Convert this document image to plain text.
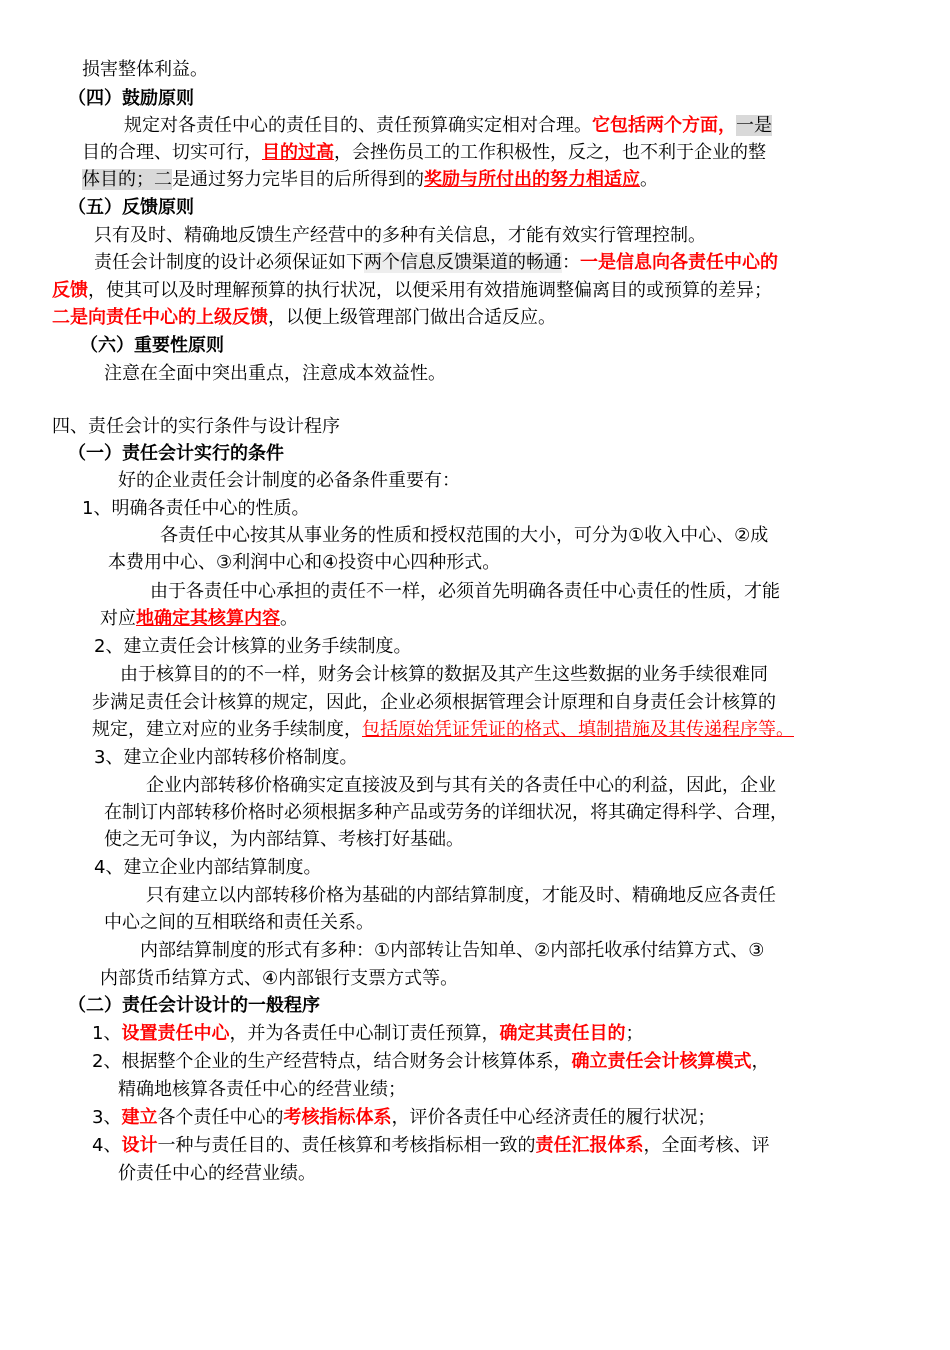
损害整体利益。
（四）鼓励原则
规定对各责任中心的责任目的、责任预算确实定相对合理。它包括两个方面，一是
目的合理、切实可行，目的过高，会挫伤员工的工作积极性，反之，也不利于企业的整
体目的；二是通过努力完毕目的后所得到的奖励与所付出的努力相适应。
（五）反馈原则
只有及时、精确地反馈生产经营中的多种有关信息，才能有效实行管理控制。
责任会计制度的设计必须保证如下两个信息反馈渠道的畅通：一是信息向各责任中心的
反馈，使其可以及时理解预算的执行状况，以便采用有效措施调整偏离目的或预算的差异；
二是向责任中心的上级反馈，以便上级管理部门做出合适反应。
（六）重要性原则
注意在全面中突出重点，注意成本效益性。
四、责任会计的实行条件与设计程序
（一）责任会计实行的条件
好的企业责任会计制度的必备条件重要有：
1、明确各责任中心的性质。
各责任中心按其从事业务的性质和授权范围的大小，可分为①收入中心、②成
本费用中心、③利润中心和④投资中心四种形式。
由于各责任中心承担的责任不一样，必须首先明确各责任中心责任的性质，才能
对应地确定其核算内容。
2、建立责任会计核算的业务手续制度。
由于核算目的的不一样，财务会计核算的数据及其产生这些数据的业务手续很难同
步满足责任会计核算的规定，因此，企业必须根据管理会计原理和自身责任会计核算的
规定，建立对应的业务手续制度，包括原始凭证凭证的格式、填制措施及其传递程序等。
3、建立企业内部转移价格制度。
企业内部转移价格确实定直接波及到与其有关的各责任中心的利益，因此，企业
在制订内部转移价格时必须根据多种产品或劳务的详细状况，将其确定得科学、合理，
使之无可争议，为内部结算、考核打好基础。
4、建立企业内部结算制度。
只有建立以内部转移价格为基础的内部结算制度，才能及时、精确地反应各责任
中心之间的互相联络和责任关系。
内部结算制度的形式有多种：①内部转让告知单、②内部托收承付结算方式、③
内部货币结算方式、④内部银行支票方式等。
（二）责任会计设计的一般程序
1、设置责任中心，并为各责任中心制订责任预算，确定其责任目的；
2、根据整个企业的生产经营特点，结合财务会计核算体系，确立责任会计核算模式，
精确地核算各责任中心的经营业绩；
3、建立各个责任中心的考核指标体系，评价各责任中心经济责任的履行状况；
4、设计一种与责任目的、责任核算和考核指标相一致的责任汇报体系，全面考核、评
价责任中心的经营业绩。
